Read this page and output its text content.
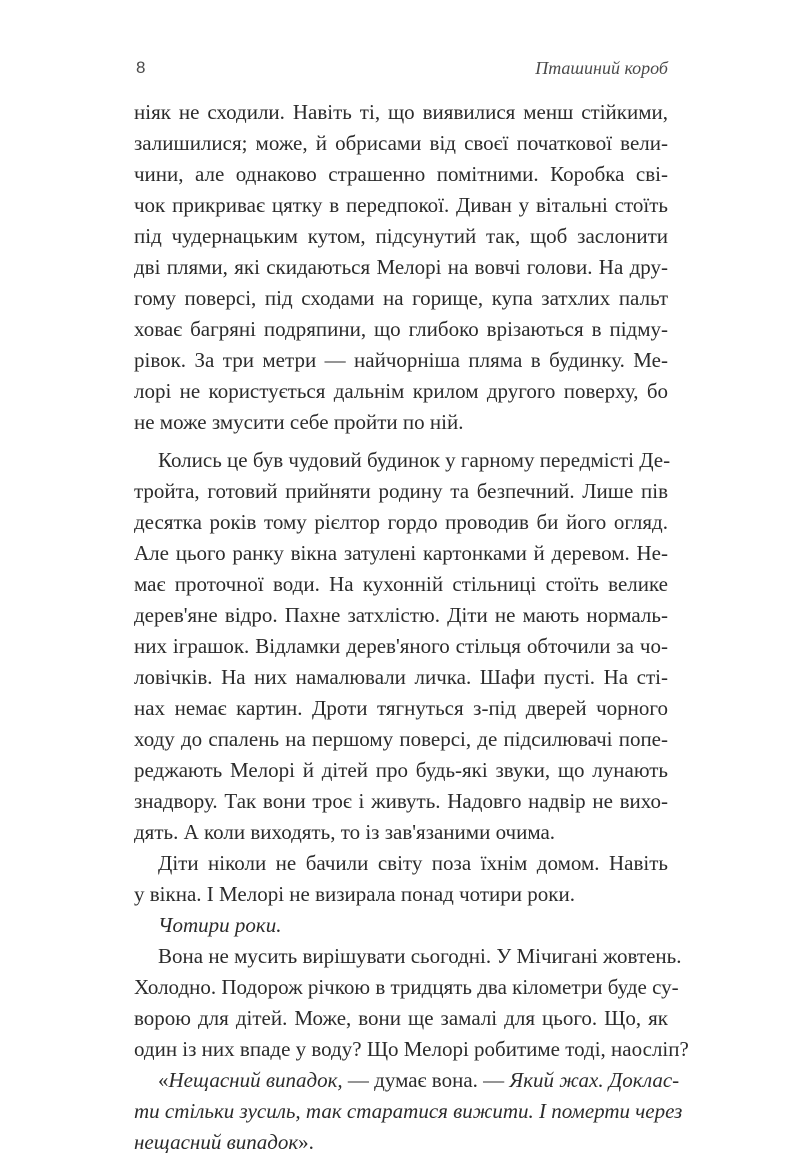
8	Пташиний короб
ніяк не сходили. Навіть ті, що виявилися менш стійкими,
залишилися; може, й обрисами від своєї початкової вели-
чини, але однаково страшенно помітними. Коробка сві-
чок прикриває цятку в передпокої. Диван у вітальні стоїть
під чудернацьким кутом, підсунутий так, щоб заслонити
дві плями, які скидаються Мелорі на вовчі голови. На дру-
гому поверсі, під сходами на горище, купа затхлих пальт
ховає багряні подряпини, що глибоко врізаються в підму-
рівок. За три метри — найчорніша пляма в будинку. Ме-
лорі не користується дальнім крилом другого поверху, бо
не може змусити себе пройти по ній.
Колись це був чудовий будинок у гарному передмісті Де-
тройта, готовий прийняти родину та безпечний. Лише пів
десятка років тому рієлтор гордо проводив би його огляд.
Але цього ранку вікна затулені картонками й деревом. Не-
має проточної води. На кухонній стільниці стоїть велике
дерев'яне відро. Пахне затхлістю. Діти не мають нормаль-
них іграшок. Відламки дерев'яного стільця обточили за чо-
ловічків. На них намалювали личка. Шафи пусті. На сті-
нах немає картин. Дроти тягнуться з-під дверей чорного
ходу до спалень на першому поверсі, де підсилювачі попе-
реджають Мелорі й дітей про будь-які звуки, що лунають
знадвору. Так вони троє і живуть. Надовго надвір не вихо-
дять. А коли виходять, то із зав'язаними очима.
Діти ніколи не бачили світу поза їхнім домом. Навіть
у вікна. І Мелорі не визирала понад чотири роки.
Чотири роки.
Вона не мусить вирішувати сьогодні. У Мічигані жовтень.
Холодно. Подорож річкою в тридцять два кілометри буде су-
ворою для дітей. Може, вони ще замалі для цього. Що, як
один із них впаде у воду? Що Мелорі робитиме тоді, наосліп?
«Нещасний випадок, — думає вона. — Який жах. Доклас-
ти стільки зусиль, так старатися вижити. І померти через
нещасний випадок».
